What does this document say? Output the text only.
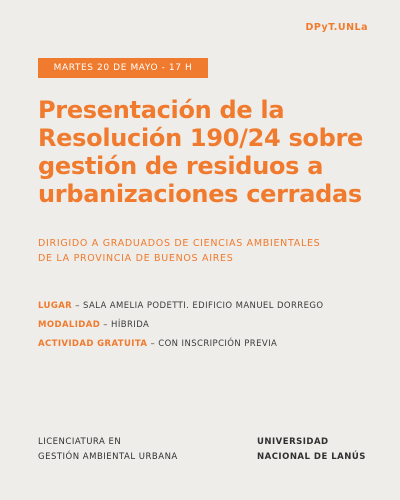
DPyT.UNLa
MARTES 20 DE MAYO - 17 H
Presentación de la
Resolución 190/24 sobre
gestión de residuos a
urbanizaciones cerradas
DIRIGIDO A GRADUADOS DE CIENCIAS AMBIENTALES
DE LA PROVINCIA DE BUENOS AIRES
LUGAR – SALA AMELIA PODETTI. EDIFICIO MANUEL DORREGO
MODALIDAD – HÍBRIDA
ACTIVIDAD GRATUITA – CON INSCRIPCIÓN PREVIA
LICENCIATURA EN
GESTIÓN AMBIENTAL URBANA
UNIVERSIDAD
NACIONAL DE LANÚS
